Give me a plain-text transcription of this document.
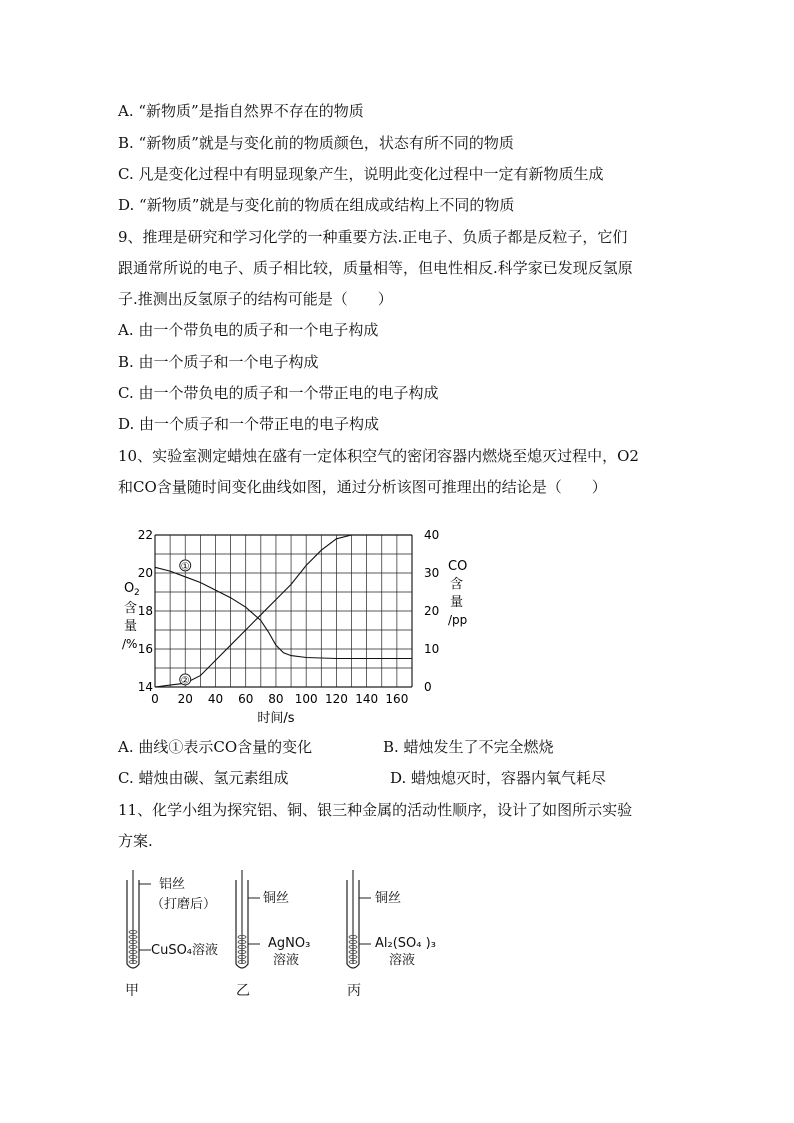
A. “新物质”是指自然界不存在的物质
B. “新物质”就是与变化前的物质颜色，状态有所不同的物质
C. 凡是变化过程中有明显现象产生，说明此变化过程中一定有新物质生成
D. “新物质”就是与变化前的物质在组成或结构上不同的物质
9、推理是研究和学习化学的一种重要方法.正电子、负质子都是反粒子，它们
跟通常所说的电子、质子相比较，质量相等，但电性相反.科学家已发现反氢原
子.推测出反氢原子的结构可能是（　　）
A. 由一个带负电的质子和一个电子构成
B. 由一个质子和一个电子构成
C. 由一个带负电的质子和一个带正电的电子构成
D. 由一个质子和一个带正电的电子构成
10、实验室测定蜡烛在盛有一定体积空气的密闭容器内燃烧至熄灭过程中，O2
和CO含量随时间变化曲线如图，通过分析该图可推理出的结论是（　　）
①
②
0 20 40 60 80 100 120 140 160
14
16
18
20
22
0
10
20
30
40
时间/s
O 2
含
量
/%
CO
含
量
/pp
A. 曲线①表示CO含量的变化	B. 蜡烛发生了不完全燃烧
C. 蜡烛由碳、氢元素组成	D. 蜡烛熄灭时，容器内氧气耗尽
11、化学小组为探究铝、铜、银三种金属的活动性顺序，设计了如图所示实验
方案.
铝丝
（打磨后）
CuSO₄溶液
甲
铜丝
AgNO₃
溶液
乙
铜丝
Al₂(SO₄ )₃
溶液
丙
